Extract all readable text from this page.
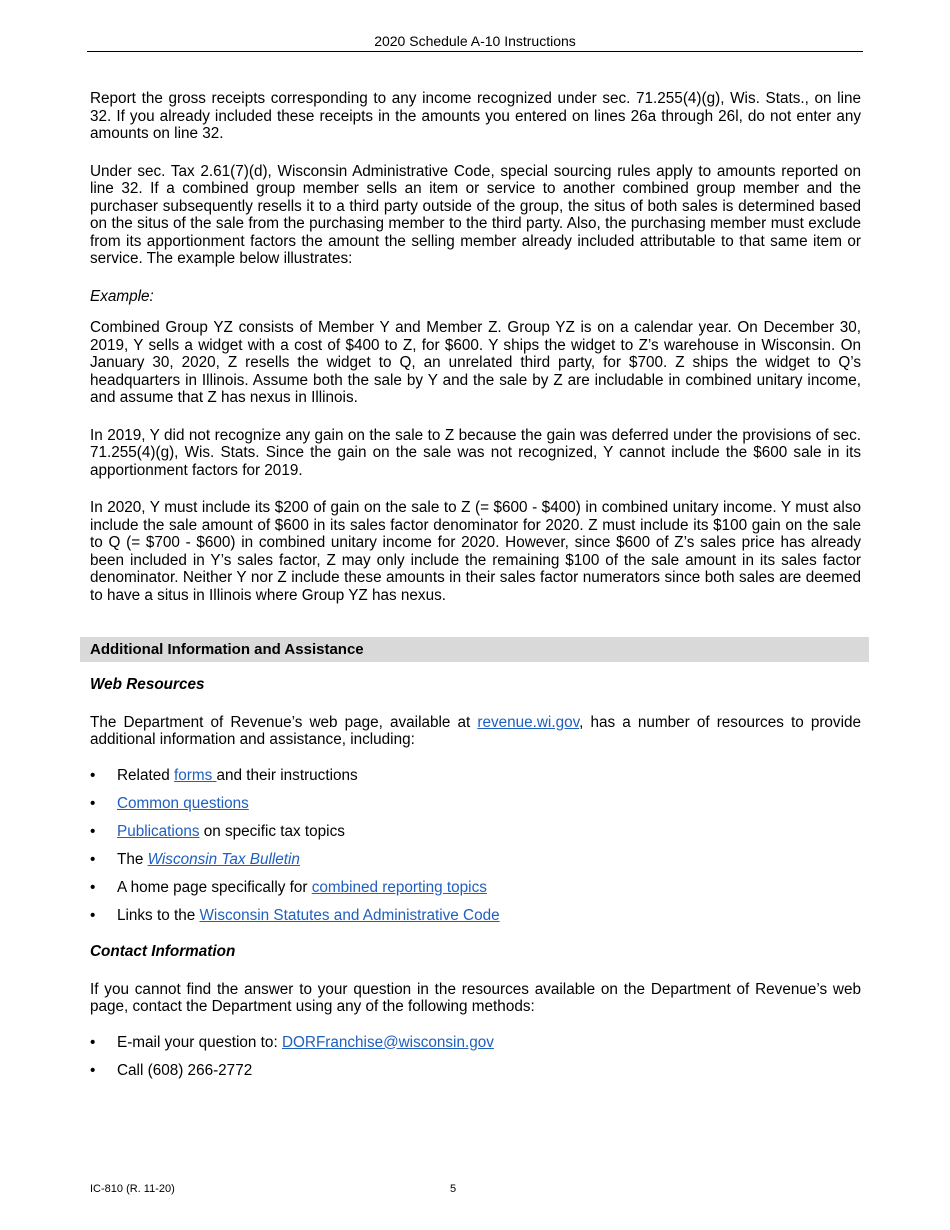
2020 Schedule A-10 Instructions

Report the gross receipts corresponding to any income recognized under sec. 71.255(4)(g), Wis. Stats., on line 32. If you already included these receipts in the amounts you entered on lines 26a through 26l, do not enter any amounts on line 32.

Under sec. Tax 2.61(7)(d), Wisconsin Administrative Code, special sourcing rules apply to amounts reported on line 32. If a combined group member sells an item or service to another combined group member and the purchaser subsequently resells it to a third party outside of the group, the situs of both sales is determined based on the situs of the sale from the purchasing member to the third party. Also, the purchasing member must exclude from its apportionment factors the amount the selling member already included attributable to that same item or service. The example below illustrates:

Example:

Combined Group YZ consists of Member Y and Member Z. Group YZ is on a calendar year. On December 30, 2019, Y sells a widget with a cost of $400 to Z, for $600. Y ships the widget to Z’s warehouse in Wisconsin. On January 30, 2020, Z resells the widget to Q, an unrelated third party, for $700. Z ships the widget to Q’s headquarters in Illinois. Assume both the sale by Y and the sale by Z are includable in combined unitary income, and assume that Z has nexus in Illinois.

In 2019, Y did not recognize any gain on the sale to Z because the gain was deferred under the provisions of sec. 71.255(4)(g), Wis. Stats. Since the gain on the sale was not recognized, Y cannot include the $600 sale in its apportionment factors for 2019.

In 2020, Y must include its $200 of gain on the sale to Z (= $600 - $400) in combined unitary income. Y must also include the sale amount of $600 in its sales factor denominator for 2020. Z must include its $100 gain on the sale to Q (= $700 - $600) in combined unitary income for 2020. However, since $600 of Z’s sales price has already been included in Y’s sales factor, Z may only include the remaining $100 of the sale amount in its sales factor denominator. Neither Y nor Z include these amounts in their sales factor numerators since both sales are deemed to have a situs in Illinois where Group YZ has nexus.

Additional Information and Assistance

Web Resources

The Department of Revenue’s web page, available at revenue.wi.gov, has a number of resources to provide additional information and assistance, including:

• Related forms and their instructions
• Common questions
• Publications on specific tax topics
• The Wisconsin Tax Bulletin
• A home page specifically for combined reporting topics
• Links to the Wisconsin Statutes and Administrative Code

Contact Information

If you cannot find the answer to your question in the resources available on the Department of Revenue’s web page, contact the Department using any of the following methods:

• E-mail your question to: DORFranchise@wisconsin.gov
• Call (608) 266-2772
IC-810 (R. 11-20)	5
